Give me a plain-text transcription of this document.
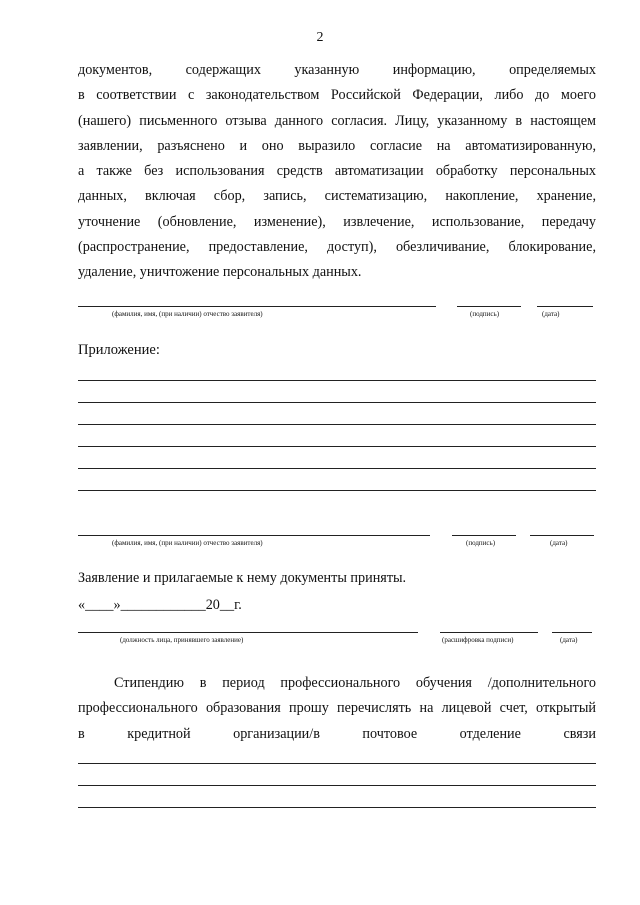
2
документов, содержащих указанную информацию, определяемых
в соответствии с законодательством Российской Федерации, либо до моего
(нашего) письменного отзыва данного согласия. Лицу, указанному в настоящем
заявлении, разъяснено и оно выразило согласие на автоматизированную,
а также без использования средств автоматизации обработку персональных
данных, включая сбор, запись, систематизацию, накопление, хранение,
уточнение (обновление, изменение), извлечение, использование, передачу
(распространение, предоставление, доступ), обезличивание, блокирование,
удаление, уничтожение персональных данных.
(фамилия, имя, (при наличии) отчество заявителя)	(подпись)	(дата)
Приложение:
(фамилия, имя, (при наличии) отчество заявителя)	(подпись)	(дата)
Заявление и прилагаемые к нему документы приняты.
«____»____________20__г.
(должность лица, принявшего заявление)	(расшифровка подписи)	(дата)
Стипендию в период профессионального обучения /дополнительного
профессионального образования прошу перечислять на лицевой счет, открытый
в кредитной организации/в почтовое отделение связи
